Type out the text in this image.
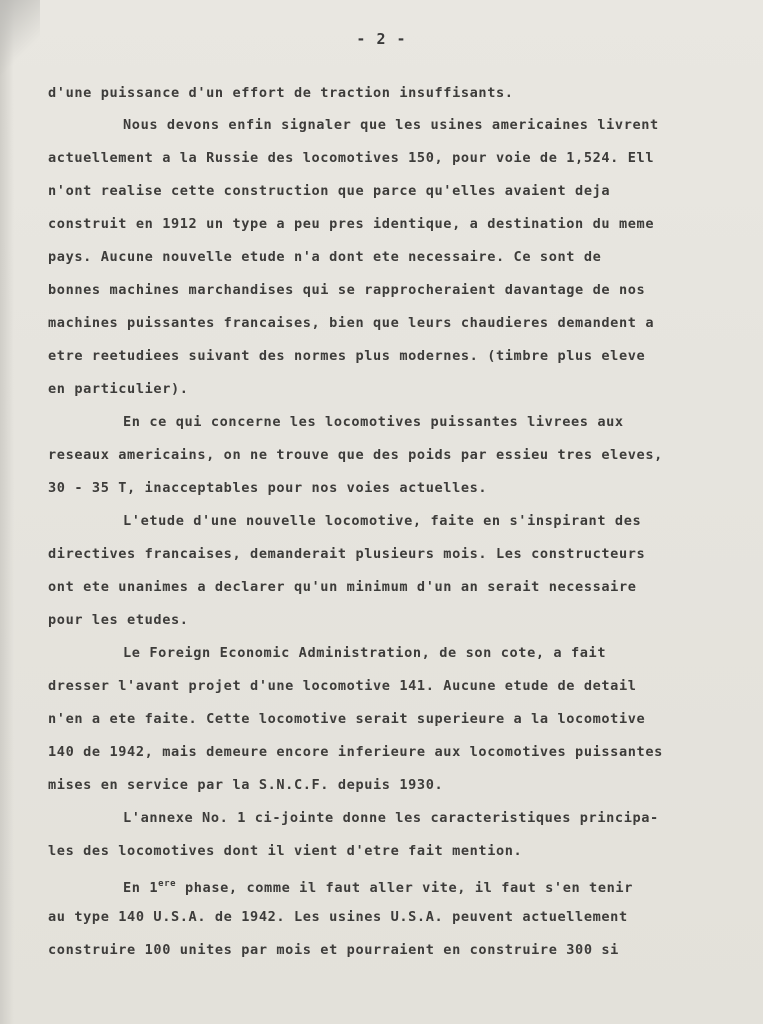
- 2 -
d'une puissance d'un effort de traction insuffisants.
Nous devons enfin signaler que les usines americaines livrent
actuellement a la Russie des locomotives 150, pour voie de 1,524. Ell
n'ont realise cette construction que parce qu'elles avaient deja
construit en 1912 un type a peu pres identique, a destination du meme
pays. Aucune nouvelle etude n'a dont ete necessaire. Ce sont de
bonnes machines marchandises qui se rapprocheraient davantage de nos
machines puissantes francaises, bien que leurs chaudieres demandent a
etre reetudiees suivant des normes plus modernes. (timbre plus eleve
en particulier).
En ce qui concerne les locomotives puissantes livrees aux
reseaux americains, on ne trouve que des poids par essieu tres eleves,
30 - 35 T, inacceptables pour nos voies actuelles.
L'etude d'une nouvelle locomotive, faite en s'inspirant des
directives francaises, demanderait plusieurs mois. Les constructeurs
ont ete unanimes a declarer qu'un minimum d'un an serait necessaire
pour les etudes.
Le Foreign Economic Administration, de son cote, a fait
dresser l'avant projet d'une locomotive 141. Aucune etude de detail
n'en a ete faite. Cette locomotive serait superieure a la locomotive
140 de 1942, mais demeure encore inferieure aux locomotives puissantes
mises en service par la S.N.C.F. depuis 1930.
L'annexe No. 1 ci-jointe donne les caracteristiques principa-
les des locomotives dont il vient d'etre fait mention.
En 1ere phase, comme il faut aller vite, il faut s'en tenir
au type 140 U.S.A. de 1942. Les usines U.S.A. peuvent actuellement
construire 100 unites par mois et pourraient en construire 300 si
